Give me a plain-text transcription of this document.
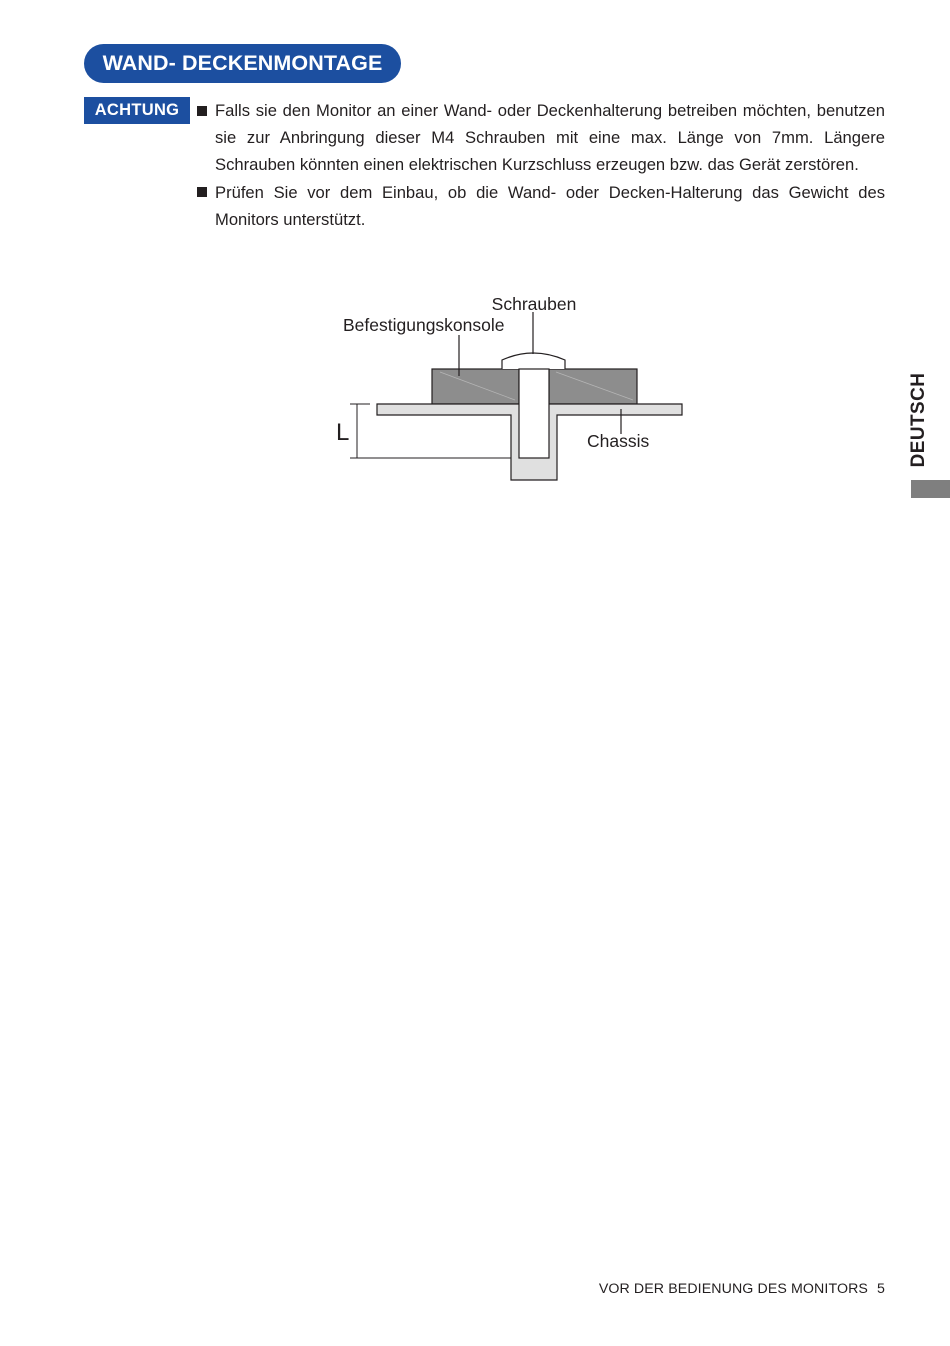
WAND- DECKENMONTAGE
ACHTUNG	Falls sie den Monitor an einer Wand- oder Deckenhalterung betreiben möchten, benutzen sie zur Anbringung dieser M4 Schrauben mit eine max. Länge von 7mm. Längere Schrauben könnten einen elektrischen Kurzschluss erzeugen bzw. das Gerät zerstören.
Prüfen Sie vor dem Einbau, ob die Wand- oder Decken-Halterung das Gewicht des Monitors unterstützt.
Schrauben
Befestigungskonsole
Chassis
L	DEUTSCH
VOR DER BEDIENUNG DES MONITORS 5
